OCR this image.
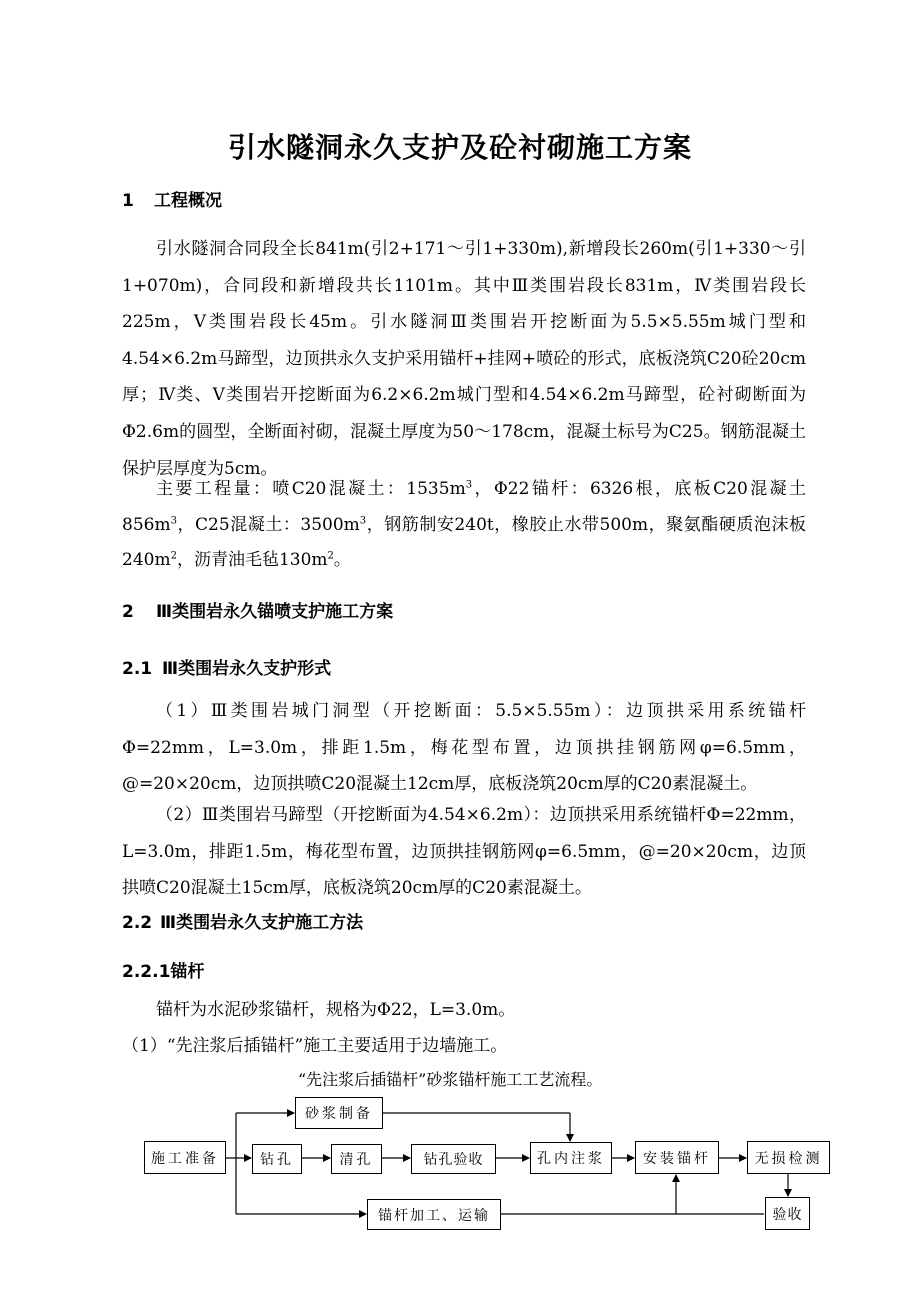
引水隧洞永久支护及砼衬砌施工方案
1 工程概况

引水隧洞合同段全长841m(引2+171～引1+330m),新增段长260m(引1+330～引1+070m)，合同段和新增段共长1101m。其中Ⅲ类围岩段长831m，Ⅳ类围岩段长225m，Ⅴ类围岩段长45m。引水隧洞Ⅲ类围岩开挖断面为5.5×5.55m城门型和4.54×6.2m马蹄型，边顶拱永久支护采用锚杆+挂网+喷砼的形式，底板浇筑C20砼20cm厚；Ⅳ类、Ⅴ类围岩开挖断面为6.2×6.2m城门型和4.54×6.2m马蹄型，砼衬砌断面为Φ2.6m的圆型，全断面衬砌，混凝土厚度为50～178cm，混凝土标号为C25。钢筋混凝土保护层厚度为5cm。

主要工程量：喷C20混凝土：$1535m^3$，Φ22锚杆：6326根，底板C20混凝土$856m^3$，C25混凝土：$3500m^3$，钢筋制安240t，橡胶止水带500m，聚氨酯硬质泡沫板$240m^2$，沥青油毛毡$130m^2$。

2 Ⅲ类围岩永久锚喷支护施工方案
2.1 Ⅲ类围岩永久支护形式

（1）Ⅲ类围岩城门洞型（开挖断面：5.5×5.55m）：边顶拱采用系统锚杆Φ=22mm，L=3.0m，排距1.5m，梅花型布置，边顶拱挂钢筋网φ=6.5mm，@=20×20cm，边顶拱喷C20混凝土12cm厚，底板浇筑20cm厚的C20素混凝土。

（2）Ⅲ类围岩马蹄型（开挖断面为4.54×6.2m）：边顶拱采用系统锚杆Φ=22mm，L=3.0m，排距1.5m，梅花型布置，边顶拱挂钢筋网φ=6.5mm，@=20×20cm，边顶拱喷C20混凝土15cm厚，底板浇筑20cm厚的C20素混凝土。

2.2 Ⅲ类围岩永久支护施工方法
2.2.1锚杆
锚杆为水泥砂浆锚杆，规格为Φ22，L=3.0m。
（1）“先注浆后插锚杆”施工主要适用于边墙施工。
“先注浆后插锚杆”砂浆锚杆施工工艺流程。
施工准备
砂浆制备
钻孔	清孔	钻孔验收	孔内注浆	安装锚杆	无损检测
锚杆加工、运输	验收
